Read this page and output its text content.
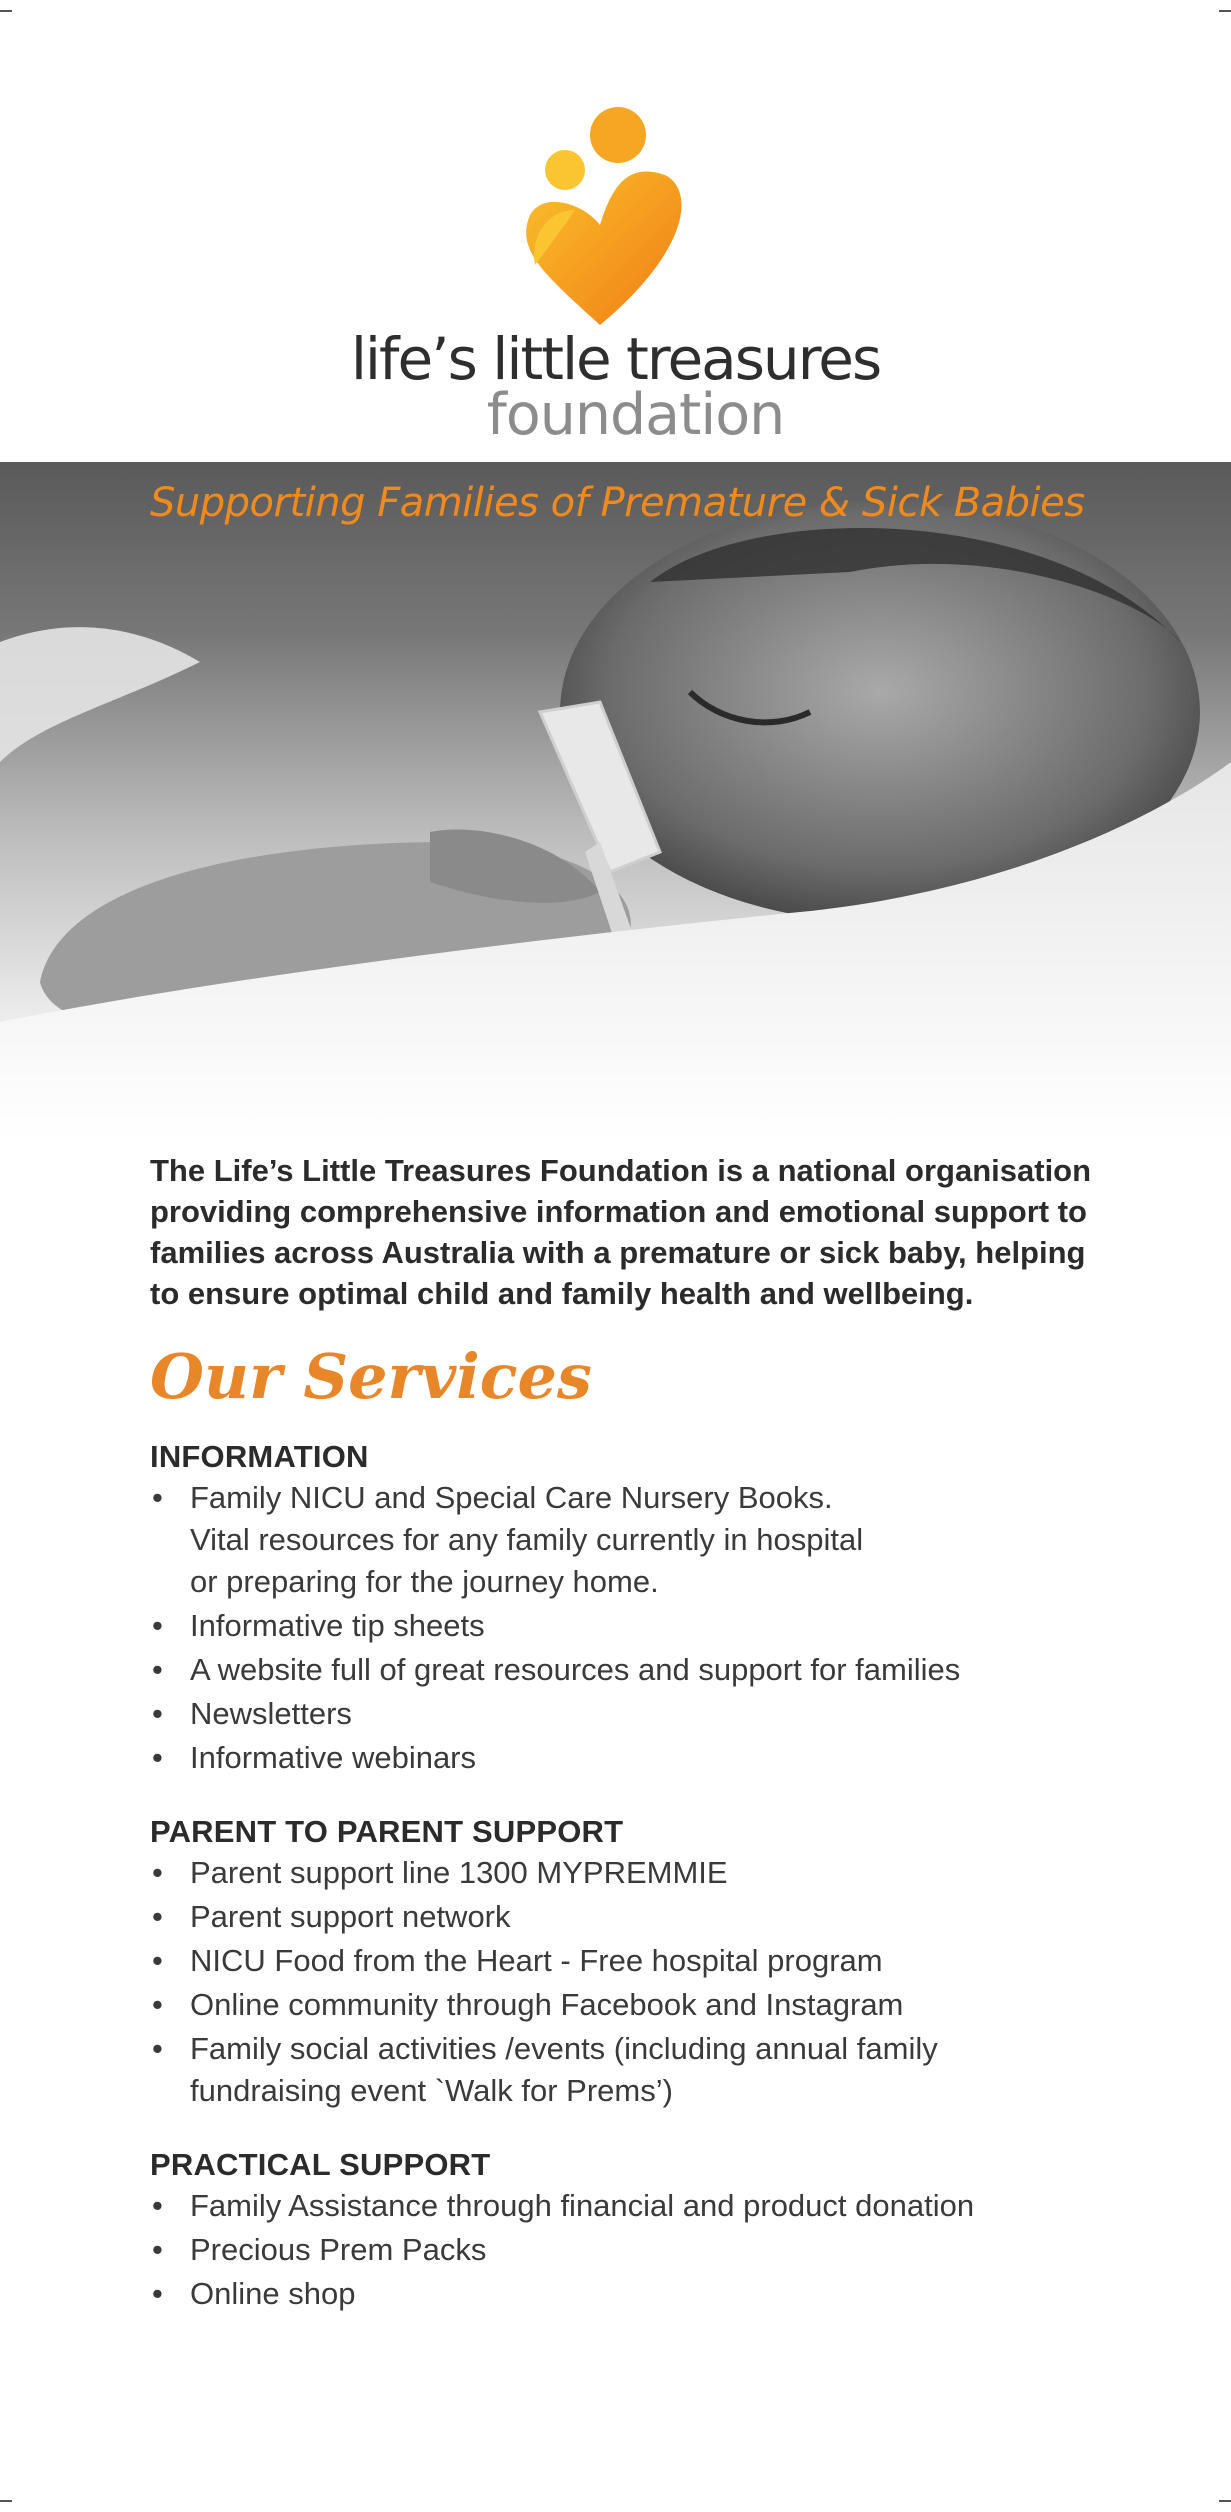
life’s little treasures
foundation
Supporting Families of Premature & Sick Babies
The Life’s Little Treasures Foundation is a national organisation providing comprehensive information and emotional support to families across Australia with a premature or sick baby, helping to ensure optimal child and family health and wellbeing.
Our Services
INFORMATION
• Family NICU and Special Care Nursery Books.
Vital resources for any family currently in hospital
or preparing for the journey home.
• Informative tip sheets
• A website full of great resources and support for families
• Newsletters
• Informative webinars
PARENT TO PARENT SUPPORT
• Parent support line 1300 MYPREMMIE
• Parent support network
• NICU Food from the Heart - Free hospital program
• Online community through Facebook and Instagram
• Family social activities /events (including annual family
fundraising event `Walk for Prems’)
PRACTICAL SUPPORT
• Family Assistance through financial and product donation
• Precious Prem Packs
• Online shop
